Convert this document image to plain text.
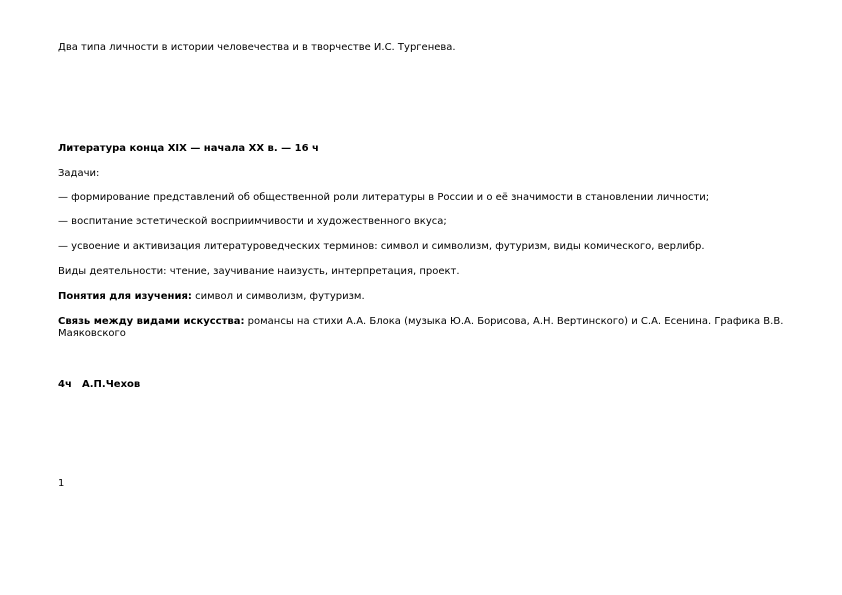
Два типа личности в истории человечества и в творчестве И.С. Тургенева.

Литература конца XIX — начала XX в. — 16 ч

Задачи:

— формирование представлений об общественной роли литературы в России и о её значимости в становлении личности;

— воспитание эстетической восприимчивости и художественного вкуса;

— усвоение и активизация литературоведческих терминов: символ и символизм, футуризм, виды комического, верлибр.

Виды деятельности: чтение, заучивание наизусть, интерпретация, проект.

Понятия для изучения: символ и символизм, футуризм.

Связь между видами искусства: романсы на стихи А.А. Блока (музыка Ю.А. Борисова, А.Н. Вертинского) и С.А. Есенина. Графика В.В. Маяковского

4ч А.П.Чехов

1
